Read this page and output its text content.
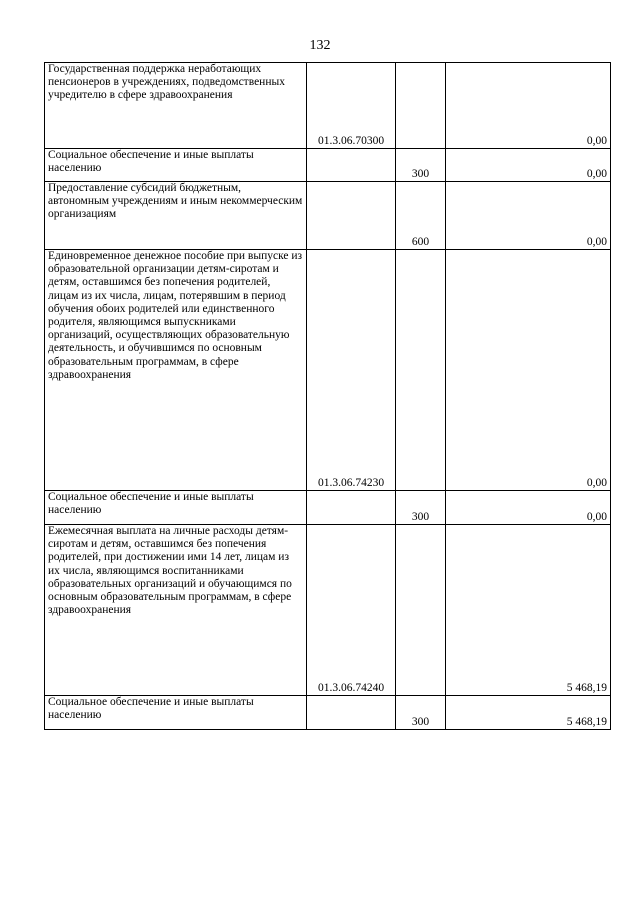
132
Государственная поддержка неработающих пенсионеров в учреждениях, подведомственных учредителю в сфере здравоохранения	01.3.06.70300		0,00
Социальное обеспечение и иные выплаты населению		300	0,00
Предоставление субсидий бюджетным, автономным учреждениям и иным некоммерческим организациям		600	0,00
Единовременное денежное пособие при выпуске из образовательной организации детям-сиротам и детям, оставшимся без попечения родителей, лицам из их числа, лицам, потерявшим в период обучения обоих родителей или единственного родителя, являющимся выпускниками организаций, осуществляющих образовательную деятельность, и обучившимся по основным образовательным программам, в сфере здравоохранения	01.3.06.74230		0,00
Социальное обеспечение и иные выплаты населению		300	0,00
Ежемесячная выплата на личные расходы детям-сиротам и детям, оставшимся без попечения родителей, при достижении ими 14 лет, лицам из их числа, являющимся воспитанниками образовательных организаций и обучающимся по основным образовательным программам, в сфере здравоохранения	01.3.06.74240		5 468,19
Социальное обеспечение и иные выплаты населению		300	5 468,19
